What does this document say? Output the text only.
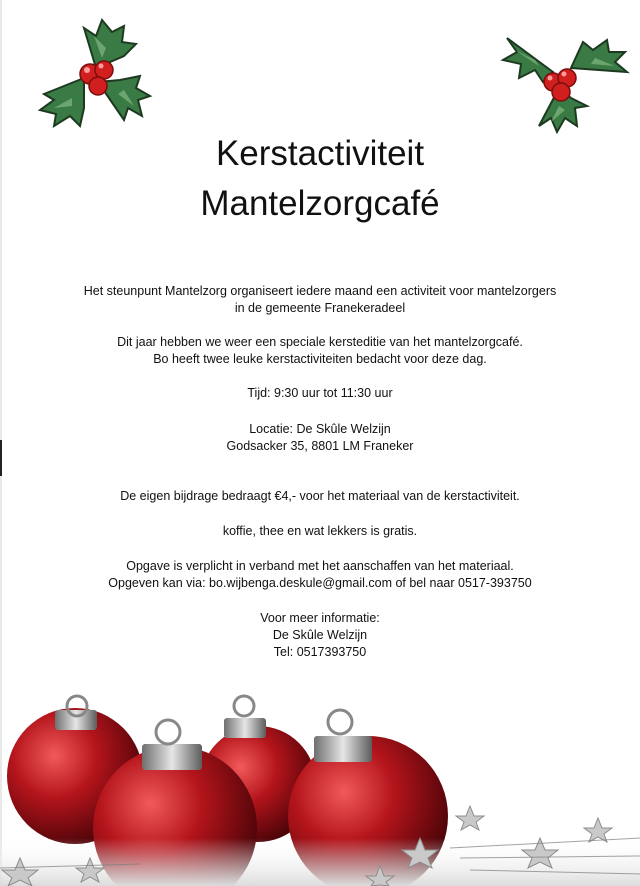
Kerstactiviteit
Mantelzorgcafé

Het steunpunt Mantelzorg organiseert iedere maand een activiteit voor mantelzorgers

in de gemeente Franekeradeel

Dit jaar hebben we weer een speciale kersteditie van het mantelzorgcafé.

Bo heeft twee leuke kerstactiviteiten bedacht voor deze dag.

Tijd: 9:30 uur tot 11:30 uur

Locatie: De Skûle Welzijn

Godsacker 35, 8801 LM Franeker

De eigen bijdrage bedraagt €4,- voor het materiaal van de kerstactiviteit.

koffie, thee en wat lekkers is gratis.

Opgave is verplicht in verband met het aanschaffen van het materiaal.

Opgeven kan via: bo.wijbenga.deskule@gmail.com of bel naar 0517-393750

Voor meer informatie:

De Skûle Welzijn

Tel: 0517393750
